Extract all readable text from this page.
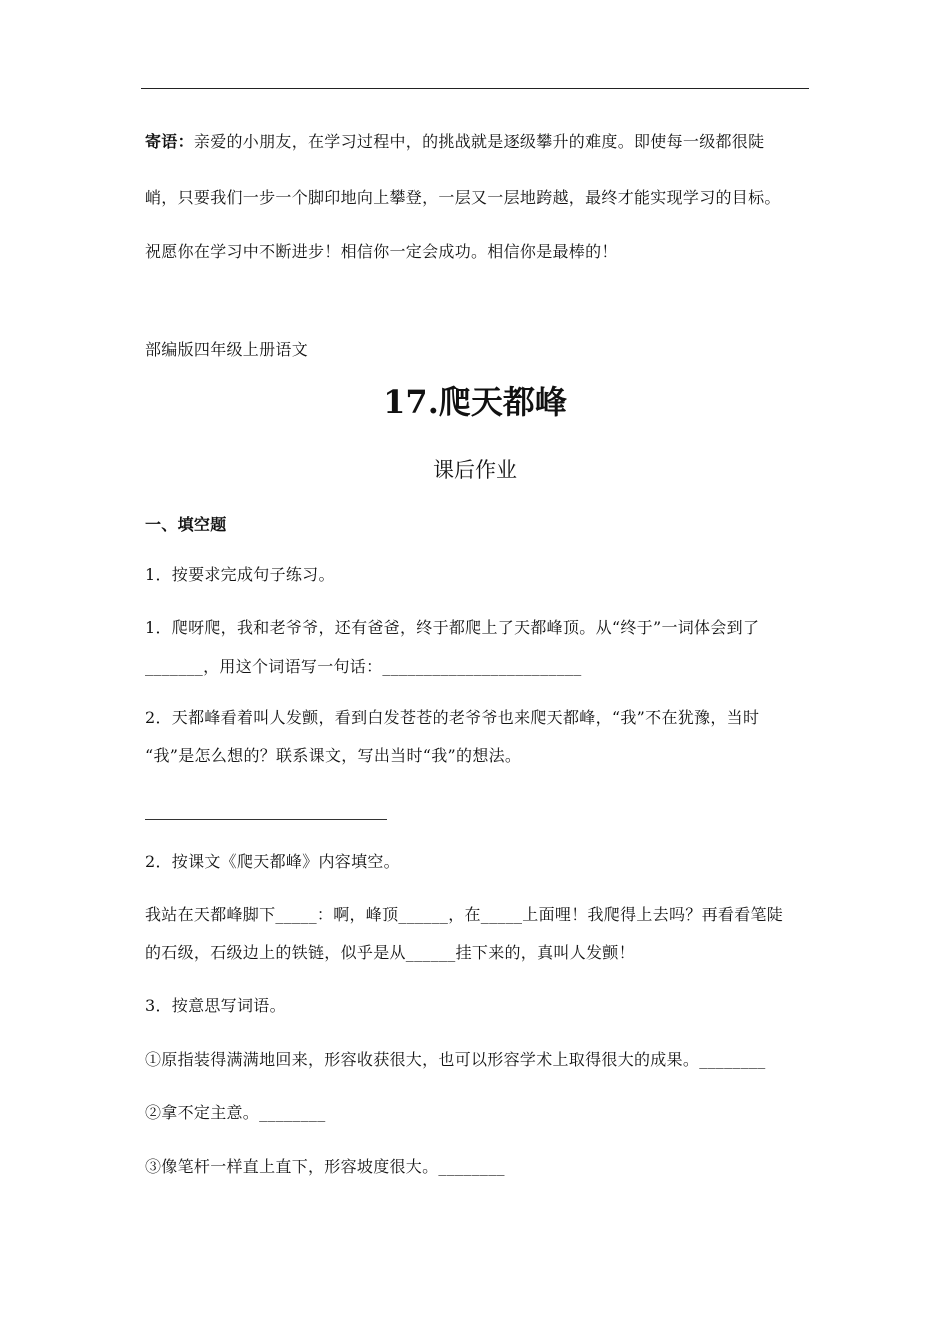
寄语：亲爱的小朋友，在学习过程中，的挑战就是逐级攀升的难度。即使每一级都很陡
峭，只要我们一步一个脚印地向上攀登，一层又一层地跨越，最终才能实现学习的目标。
祝愿你在学习中不断进步！相信你一定会成功。相信你是最棒的！
部编版四年级上册语文
17.爬天都峰
课后作业
一、填空题
1．按要求完成句子练习。
1．爬呀爬，我和老爷爷，还有爸爸，终于都爬上了天都峰顶。从“终于”一词体会到了
_______，用这个词语写一句话：________________________
2．天都峰看着叫人发颤，看到白发苍苍的老爷爷也来爬天都峰，“我”不在犹豫，当时
“我”是怎么想的？联系课文，写出当时“我”的想法。
2．按课文《爬天都峰》内容填空。
我站在天都峰脚下_____：啊，峰顶______，在_____上面哩！我爬得上去吗？再看看笔陡
的石级，石级边上的铁链，似乎是从______挂下来的，真叫人发颤！
3．按意思写词语。
①原指装得满满地回来，形容收获很大，也可以形容学术上取得很大的成果。________
②拿不定主意。________
③像笔杆一样直上直下，形容坡度很大。________
